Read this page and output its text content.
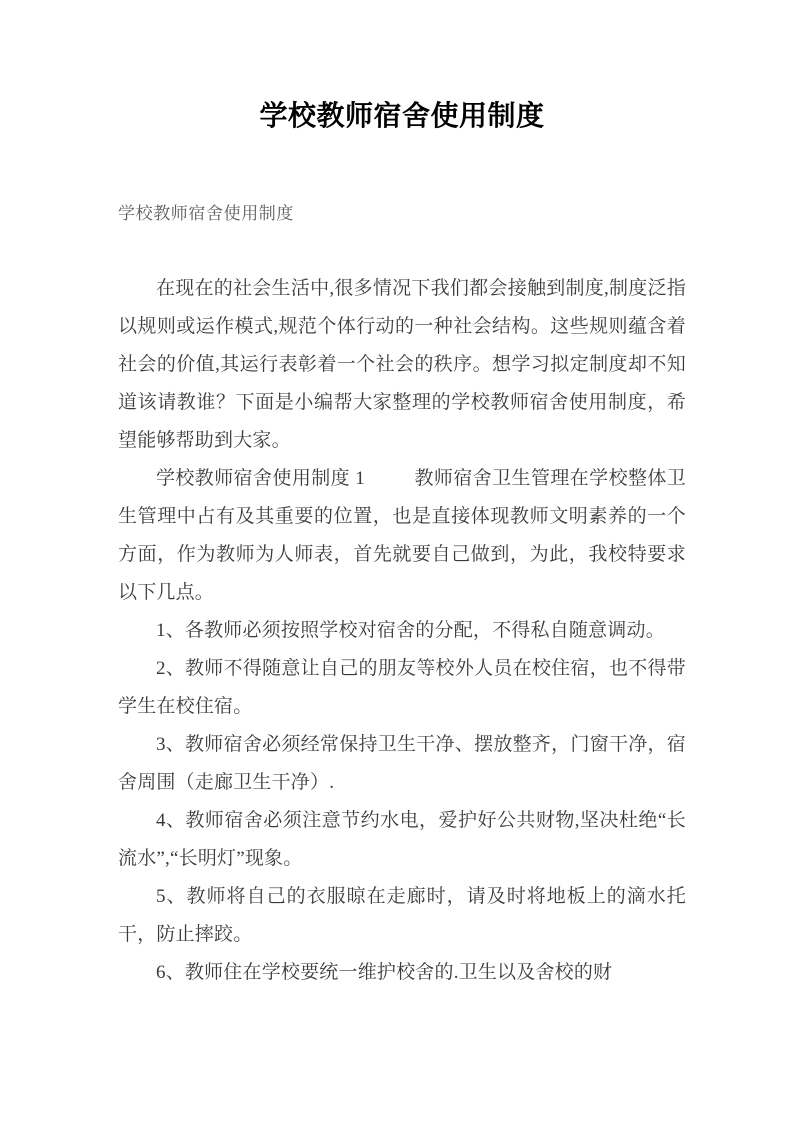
学校教师宿舍使用制度

学校教师宿舍使用制度

在现在的社会生活中,很多情况下我们都会接触到制度,制度泛指以规则或运作模式,规范个体行动的一种社会结构。这些规则蕴含着社会的价值,其运行表彰着一个社会的秩序。想学习拟定制度却不知道该请教谁？下面是小编帮大家整理的学校教师宿舍使用制度，希望能够帮助到大家。

学校教师宿舍使用制度 1	教师宿舍卫生管理在学校整体卫生管理中占有及其重要的位置，也是直接体现教师文明素养的一个方面，作为教师为人师表，首先就要自己做到，为此，我校特要求以下几点。

1、各教师必须按照学校对宿舍的分配，不得私自随意调动。

2、教师不得随意让自己的朋友等校外人员在校住宿，也不得带学生在校住宿。

3、教师宿舍必须经常保持卫生干净、摆放整齐，门窗干净，宿舍周围（走廊卫生干净）.

4、教师宿舍必须注意节约水电，爱护好公共财物,坚决杜绝“长流水”,“长明灯”现象。

5、教师将自己的衣服晾在走廊时，请及时将地板上的滴水托干，防止摔跤。

6、教师住在学校要统一维护校舍的.卫生以及舍校的财
